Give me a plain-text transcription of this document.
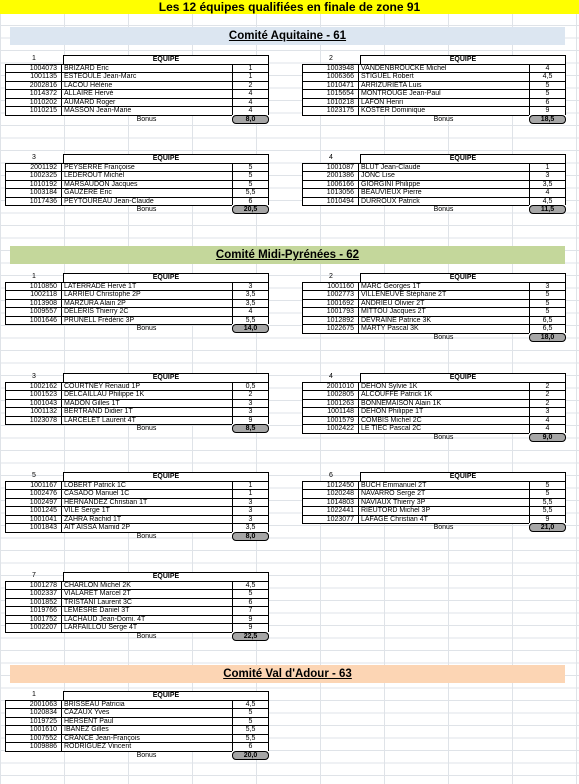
Les 12 équipes qualifiées en finale de zone 91
Comité Aquitaine - 61
Comité Midi-Pyrénées - 62
Comité Val d'Adour - 63
1	EQUIPE
1004073	BRIZARD Eric	1
1001135	ESTEOULE Jean-Marc	1
2002816	LACOU Hélène	2
1014372	ALLAIRE Hervé	4
1010202	AUMARD Roger	4
1010215	MASSON Jean-Marie	4
Bonus	8,0
2	EQUIPE
1003948	VANDENBROUCKE Michel	4
1006366	STIGUEL Robert	4,5
1010471	ARRIZURIETA Luis	5
1015654	MONTROUGE Jean-Paul	5
1010218	LAFON Henri	6
1023175	KOSTER Dominique	9
Bonus	18,5
3	EQUIPE
2001192	PEYSERRE Françoise	5
1002325	LEDEROUT Michel	5
1010192	MARSAUDON Jacques	5
1003184	GAUZERE Eric	5,5
1017436	PEYTOUREAU Jean-Claude	6
Bonus	20,5
4	EQUIPE
1001087	BLUT Jean-Claude	1
2001386	JONC Lise	3
1006166	GIORGINI Philippe	3,5
1013056	BEAUVIEUX Pierre	4
1010494	DURROUX Patrick	4,5
Bonus	11,5
1	EQUIPE
1010850	LATERRADE Hervé 1T	3
1002118	LARRIEU Christophe 2P	3,5
1013908	MARZURA Alain 2P	3,5
1009557	DELERIS Thierry 2C	4
1001646	PRUNELL Frédéric 3P	5,5
Bonus	14,0
2	EQUIPE
1001160	MARC Georges 1T	3
1002773	VILLENEUVE Stéphane 2T	5
1001692	ANDRIEU Olivier 2T	5
1001793	MITTOU Jacques 2T	5
1012892	DEVRAINE Patrice 3K	6,5
1022675	MARTY Pascal 3K	6,5
Bonus	18,0
3	EQUIPE
1002162	COURTNEY Renaud 1P	0,5
1001523	DELCAILLAU Philippe 1K	2
1001043	MADON Gilles 1T	3
1001132	BERTRAND Didier 1T	3
1023078	LARCELET Laurent 4T	9
Bonus	8,5
4	EQUIPE
2001010	DEHON Sylvie 1K	2
1002805	ALCOUFFE Patrick 1K	2
1001263	BONNEMAISON Alain 1K	2
1001148	DEHON Philippe 1T	3
1001579	COMBIS Michel 2C	4
1002422	LE TIEC Pascal 2C	4
Bonus	9,0
5	EQUIPE
1001167	LOBERT Patrick 1C	1
1002476	CASADO Manuel 1C	1
1002497	HERNANDEZ Christian 1T	3
1001245	VILE Serge 1T	3
1001041	ZAHRA Rachid 1T	3
1001843	AIT AISSA Mamid 2P	3,5
Bonus	8,0
6	EQUIPE
1012450	BUCH Emmanuel 2T	5
1020248	NAVARRO Serge 2T	5
1014803	NAVIAUX Thierry 3P	5,5
1022441	RIEUTORD Michel 3P	5,5
1023077	LAFAGE Christian 4T	9
Bonus	21,0
7	EQUIPE
1001278	CHARLON Michel 2K	4,5
1002337	VIALARET Marcel 2T	5
1001852	TRISTANI Laurent 3C	6
1019766	LEMESRE Daniel 3T	7
1001752	LACHAUD Jean-Domi. 4T	9
1002207	LARFAILLOU Serge 4T	9
Bonus	22,5
1	EQUIPE
2001063	BRISSEAU Patricia	4,5
1020834	CAZAUX Yves	5
1019725	HERSENT Paul	5
1001610	IBANEZ Gilles	5,5
1007552	CRANCE Jean-François	5,5
1009886	RODRIGUEZ Vincent	6
Bonus	20,0
